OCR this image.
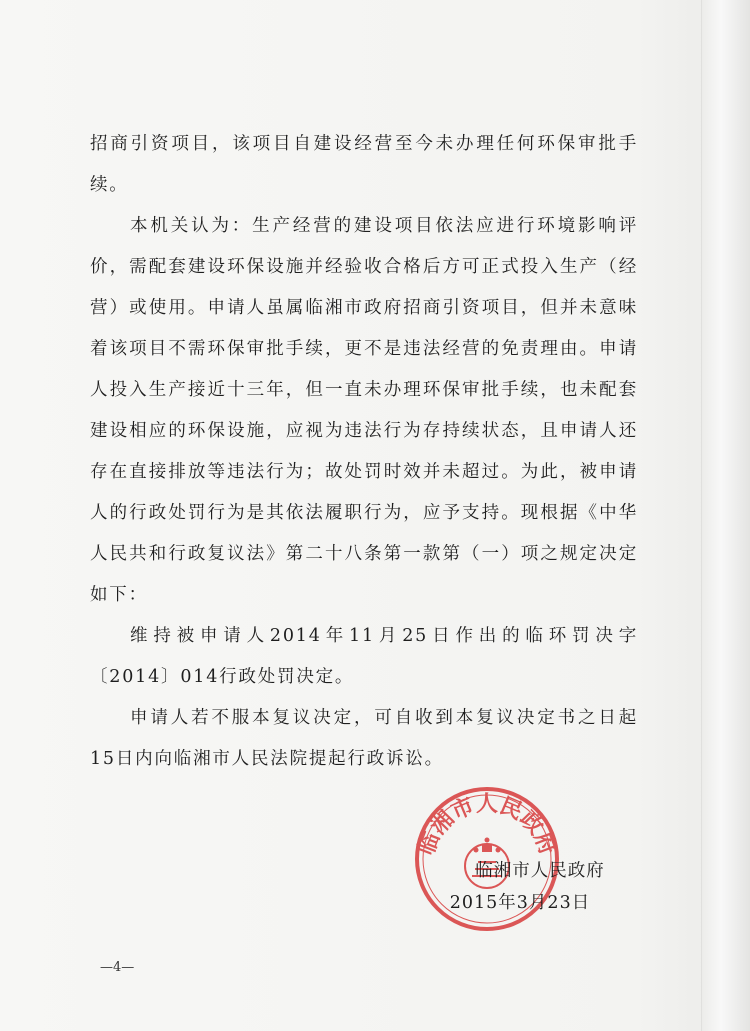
招商引资项目，该项目自建设经营至今未办理任何环保审批手续。

本机关认为：生产经营的建设项目依法应进行环境影响评价，需配套建设环保设施并经验收合格后方可正式投入生产（经营）或使用。申请人虽属临湘市政府招商引资项目，但并未意味着该项目不需环保审批手续，更不是违法经营的免责理由。申请人投入生产接近十三年，但一直未办理环保审批手续，也未配套建设相应的环保设施，应视为违法行为存持续状态，且申请人还存在直接排放等违法行为；故处罚时效并未超过。为此，被申请人的行政处罚行为是其依法履职行为，应予支持。现根据《中华人民共和行政复议法》第二十八条第一款第（一）项之规定决定如下：

维持被申请人2014年11月25日作出的临环罚决字〔2014〕014行政处罚决定。

申请人若不服本复议决定，可自收到本复议决定书之日起15日内向临湘市人民法院提起行政诉讼。

临湘市人民政府
临湘市人民政府
2015年3月23日
—4—
